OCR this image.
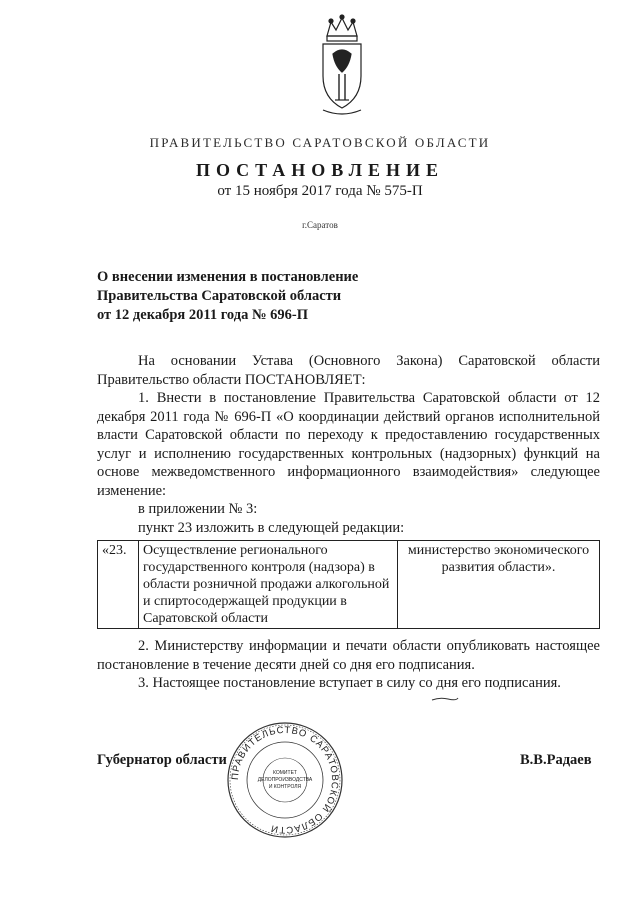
ПРАВИТЕЛЬСТВО САРАТОВСКОЙ ОБЛАСТИ
ПОСТАНОВЛЕНИЕ
от 15 ноября 2017 года № 575-П
г.Саратов
О внесении изменения в постановление
Правительства Саратовской области
от 12 декабря 2011 года № 696-П

На основании Устава (Основного Закона) Саратовской области Правительство области ПОСТАНОВЛЯЕТ:

1. Внести в постановление Правительства Саратовской области от 12 декабря 2011 года № 696-П «О координации действий органов исполнительной власти Саратовской области по переходу к предоставлению государственных услуг и исполнению государственных контрольных (надзорных) функций на основе межведомственного информационного взаимодействия» следующее изменение:

в приложении № 3:

пункт 23 изложить в следующей редакции:

«23.	Осуществление регионального государственного контроля (надзора) в области розничной продажи алкогольной и спиртосодержащей продукции в Саратовской области	министерство экономического развития области».

2. Министерству информации и печати области опубликовать настоящее постановление в течение десяти дней со дня его подписания.

3. Настоящее постановление вступает в силу со дня его подписания.

Губернатор области	В.В.Радаев
ПРАВИТЕЛЬСТВО САРАТОВСКОЙ ОБЛАСТИ
КОМИТЕТ
ДЕЛОПРОИЗВОДСТВА
И КОНТРОЛЯ
